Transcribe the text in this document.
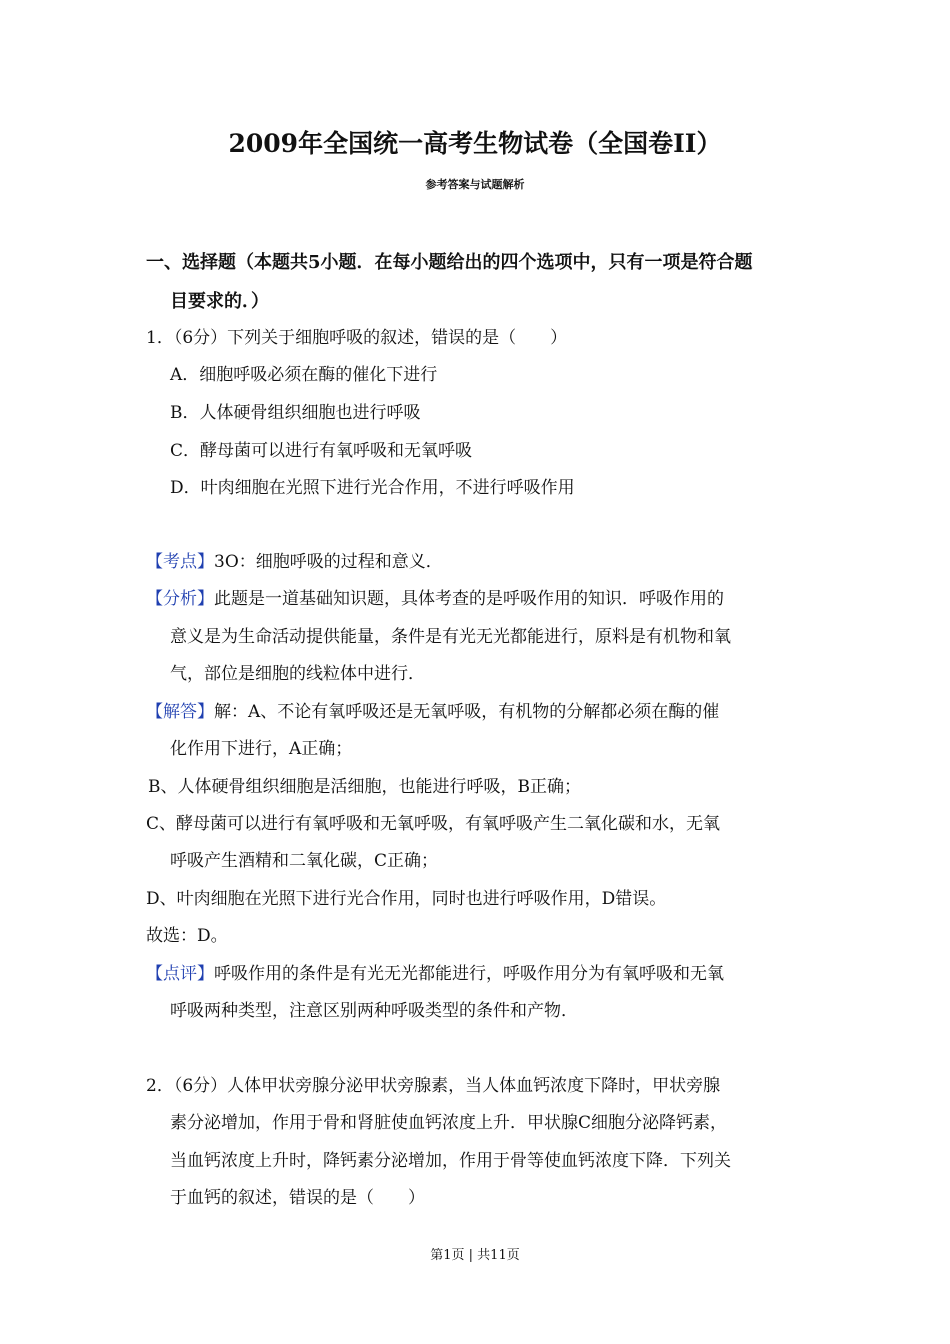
2009年全国统一高考生物试卷（全国卷II）
参考答案与试题解析
一、选择题（本题共5小题．在每小题给出的四个选项中，只有一项是符合题
目要求的．）
1．（6分）下列关于细胞呼吸的叙述，错误的是（　　）
A．细胞呼吸必须在酶的催化下进行
B．人体硬骨组织细胞也进行呼吸
C．酵母菌可以进行有氧呼吸和无氧呼吸
D．叶肉细胞在光照下进行光合作用，不进行呼吸作用
【考点】3O：细胞呼吸的过程和意义．
【分析】此题是一道基础知识题，具体考查的是呼吸作用的知识．呼吸作用的
意义是为生命活动提供能量，条件是有光无光都能进行，原料是有机物和氧
气，部位是细胞的线粒体中进行．
【解答】解：A、不论有氧呼吸还是无氧呼吸，有机物的分解都必须在酶的催
化作用下进行，A正确；
B、人体硬骨组织细胞是活细胞，也能进行呼吸，B正确；
C、酵母菌可以进行有氧呼吸和无氧呼吸，有氧呼吸产生二氧化碳和水，无氧
呼吸产生酒精和二氧化碳，C正确；
D、叶肉细胞在光照下进行光合作用，同时也进行呼吸作用，D错误。
故选：D。
【点评】呼吸作用的条件是有光无光都能进行，呼吸作用分为有氧呼吸和无氧
呼吸两种类型，注意区别两种呼吸类型的条件和产物．
2．（6分）人体甲状旁腺分泌甲状旁腺素，当人体血钙浓度下降时，甲状旁腺
素分泌增加，作用于骨和肾脏使血钙浓度上升．甲状腺C细胞分泌降钙素，
当血钙浓度上升时，降钙素分泌增加，作用于骨等使血钙浓度下降．下列关
于血钙的叙述，错误的是（　　）
第1页 | 共11页
